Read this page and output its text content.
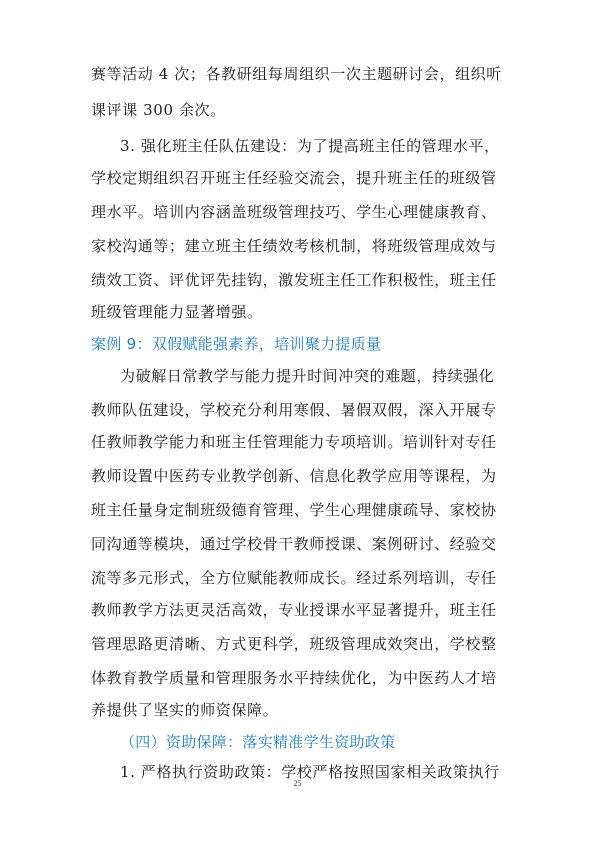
赛等活动 4 次；各教研组每周组织一次主题研讨会，组织听
课评课 300 余次。
3. 强化班主任队伍建设：为了提高班主任的管理水平，
学校定期组织召开班主任经验交流会，提升班主任的班级管
理水平。培训内容涵盖班级管理技巧、学生心理健康教育、
家校沟通等；建立班主任绩效考核机制，将班级管理成效与
绩效工资、评优评先挂钩，激发班主任工作积极性，班主任
班级管理能力显著增强。
案例 9：双假赋能强素养，培训聚力提质量
为破解日常教学与能力提升时间冲突的难题，持续强化
教师队伍建设，学校充分利用寒假、暑假双假，深入开展专
任教师教学能力和班主任管理能力专项培训。培训针对专任
教师设置中医药专业教学创新、信息化教学应用等课程，为
班主任量身定制班级德育管理、学生心理健康疏导、家校协
同沟通等模块，通过学校骨干教师授课、案例研讨、经验交
流等多元形式，全方位赋能教师成长。经过系列培训，专任
教师教学方法更灵活高效，专业授课水平显著提升，班主任
管理思路更清晰、方式更科学，班级管理成效突出，学校整
体教育教学质量和管理服务水平持续优化，为中医药人才培
养提供了坚实的师资保障。
（四）资助保障：落实精准学生资助政策
1. 严格执行资助政策：学校严格按照国家相关政策执行
25
